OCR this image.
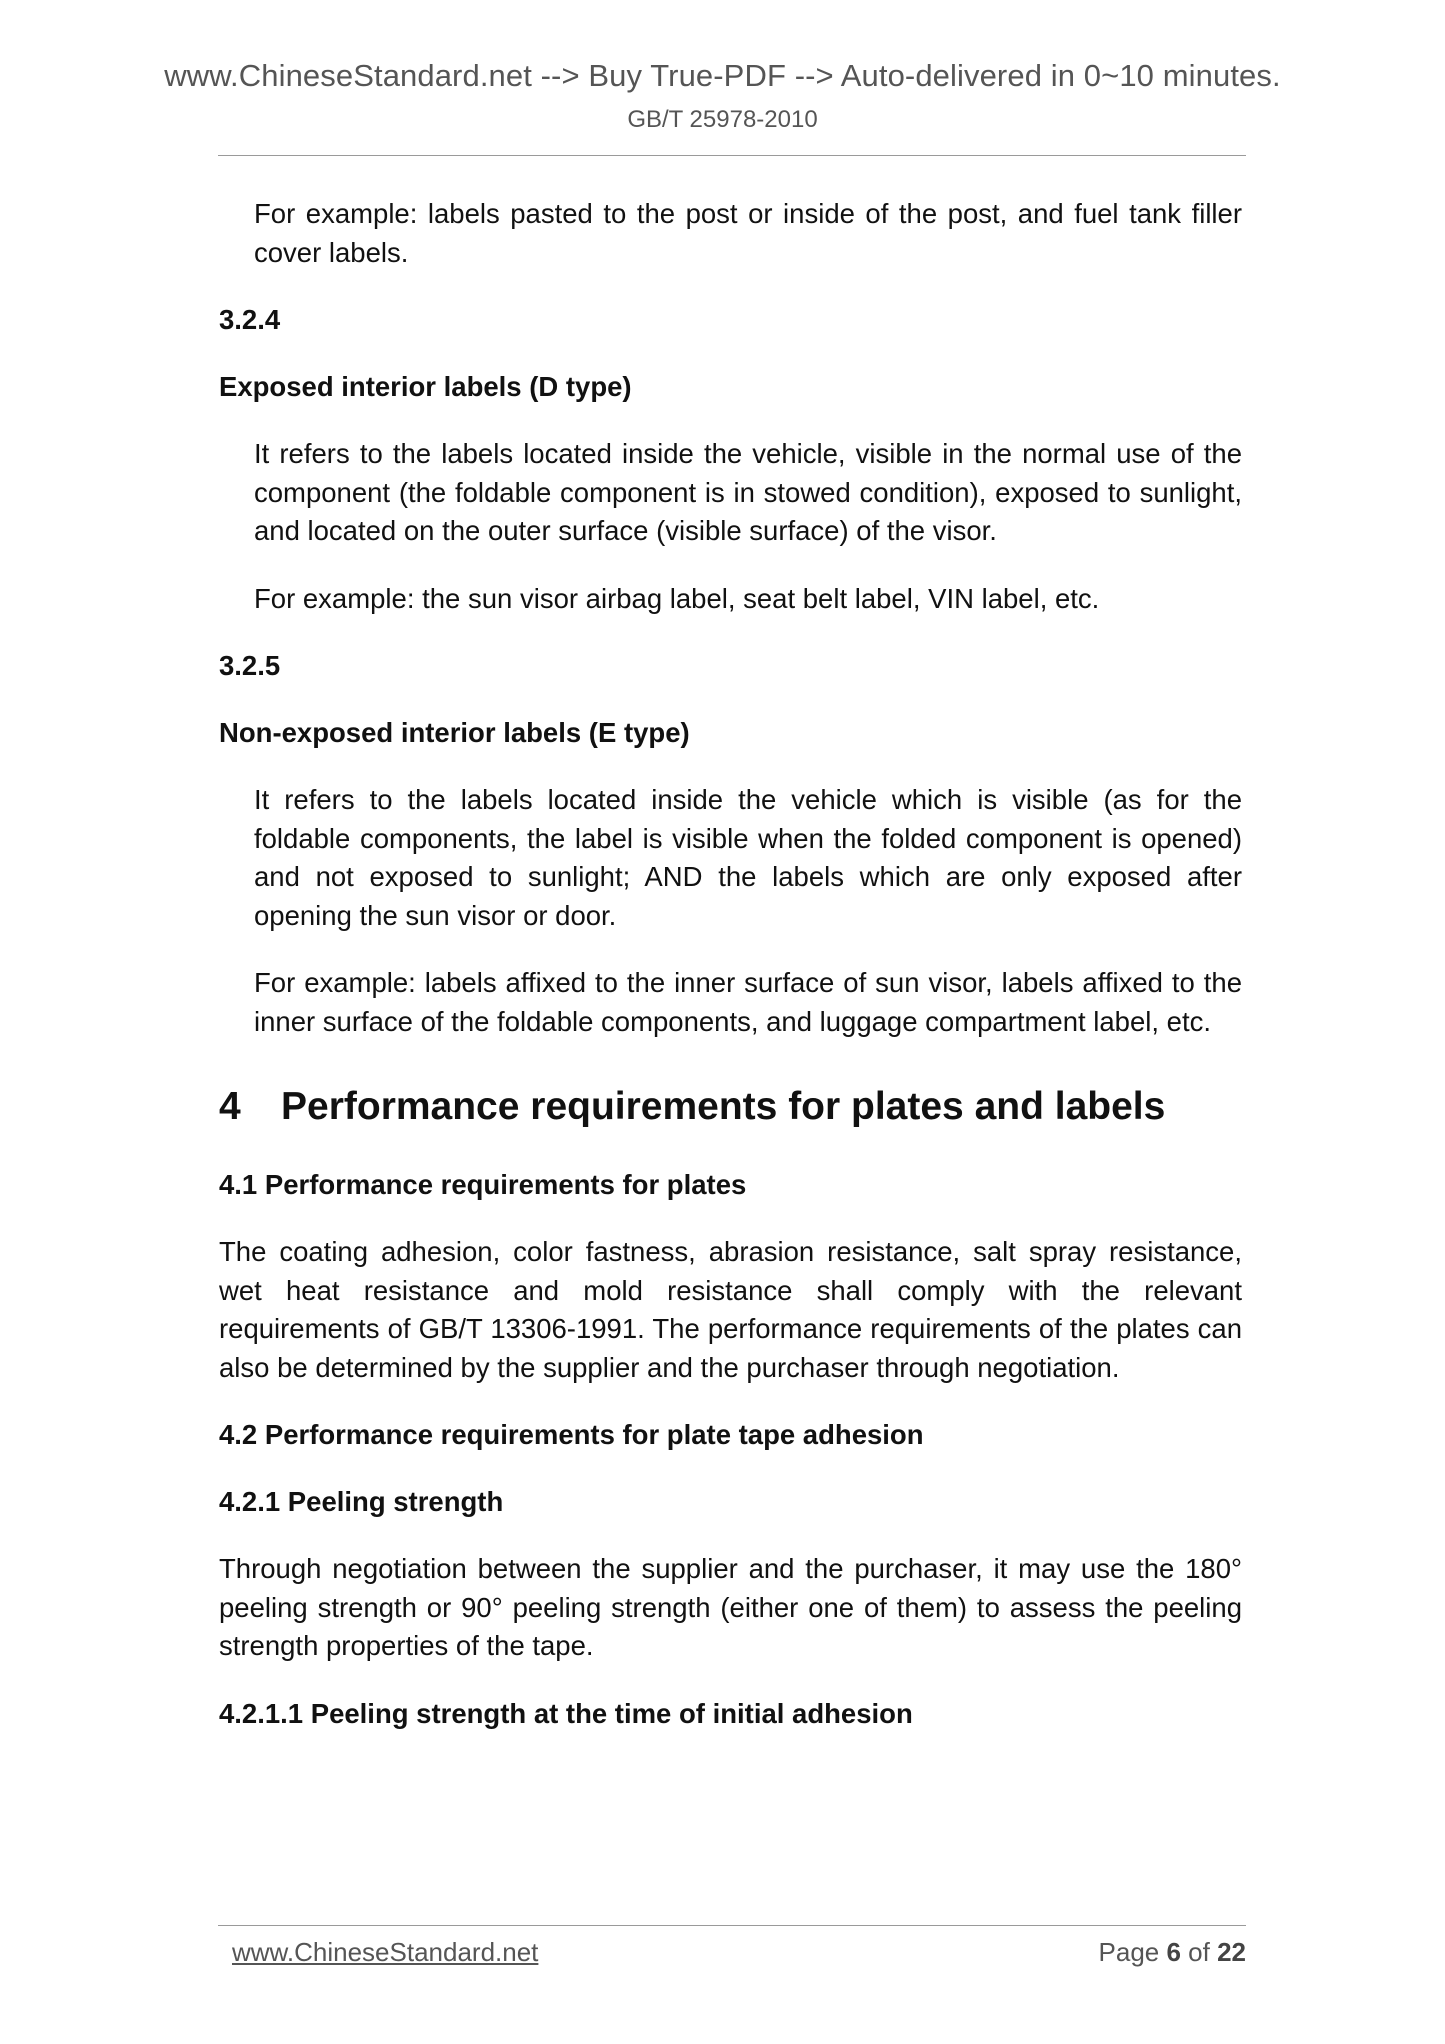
www.ChineseStandard.net --> Buy True-PDF --> Auto-delivered in 0~10 minutes.
GB/T 25978-2010

For example: labels pasted to the post or inside of the post, and fuel tank filler cover labels.

3.2.4

Exposed interior labels (D type)

It refers to the labels located inside the vehicle, visible in the normal use of the component (the foldable component is in stowed condition), exposed to sunlight, and located on the outer surface (visible surface) of the visor.

For example: the sun visor airbag label, seat belt label, VIN label, etc.

3.2.5

Non-exposed interior labels (E type)

It refers to the labels located inside the vehicle which is visible (as for the foldable components, the label is visible when the folded component is opened) and not exposed to sunlight; AND the labels which are only exposed after opening the sun visor or door.

For example: labels affixed to the inner surface of sun visor, labels affixed to the inner surface of the foldable components, and luggage compartment label, etc.

4 Performance requirements for plates and labels

4.1 Performance requirements for plates

The coating adhesion, color fastness, abrasion resistance, salt spray resistance, wet heat resistance and mold resistance shall comply with the relevant requirements of GB/T 13306-1991. The performance requirements of the plates can also be determined by the supplier and the purchaser through negotiation.

4.2 Performance requirements for plate tape adhesion

4.2.1 Peeling strength

Through negotiation between the supplier and the purchaser, it may use the 180° peeling strength or 90° peeling strength (either one of them) to assess the peeling strength properties of the tape.

4.2.1.1 Peeling strength at the time of initial adhesion

www.ChineseStandard.net	Page 6 of 22
